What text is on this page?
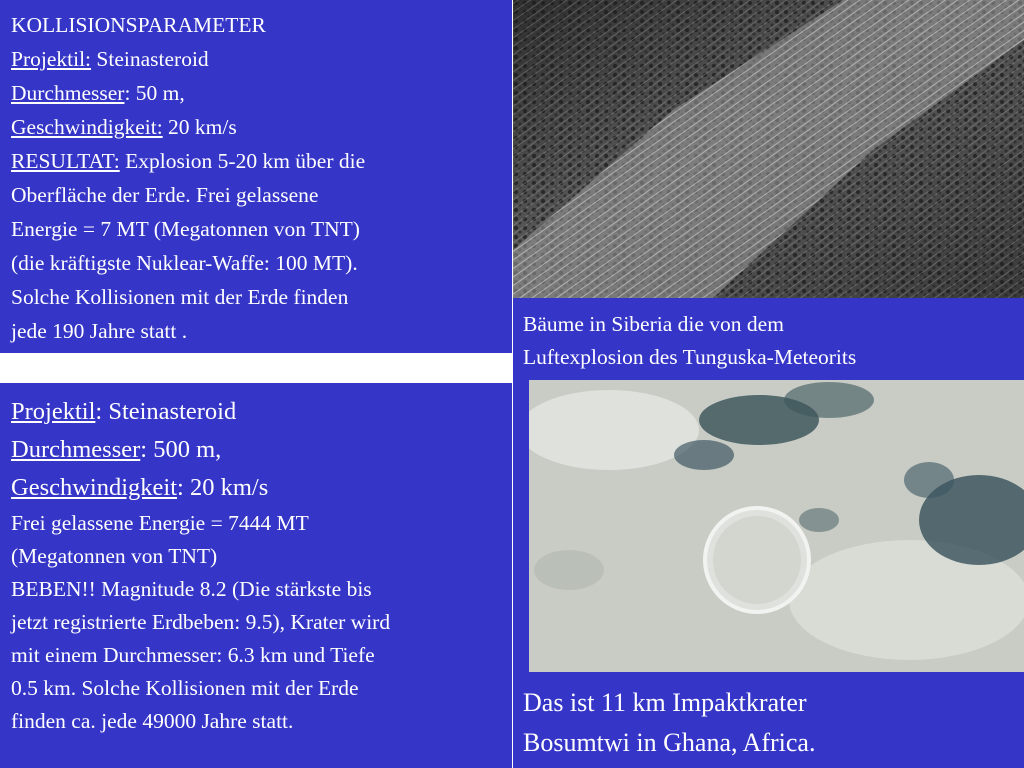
KOLLISIONSPARAMETER
Projektil: Steinasteroid
Durchmesser: 50 m,
Geschwindigkeit: 20 km/s
RESULTAT: Explosion 5-20 km über die
Oberfläche der Erde. Frei gelassene
Energie = 7 MT (Megatonnen von TNT)
(die kräftigste Nuklear-Waffe: 100 MT).
Solche Kollisionen mit der Erde finden
jede 190 Jahre statt .
Projektil: Steinasteroid
Durchmesser: 500 m,
Geschwindigkeit: 20 km/s
Frei gelassene Energie = 7444 MT
(Megatonnen von TNT)
BEBEN!! Magnitude 8.2 (Die stärkste bis
jetzt registrierte Erdbeben: 9.5), Krater wird
mit einem Durchmesser: 6.3 km und Tiefe
0.5 km. Solche Kollisionen mit der Erde
finden ca. jede 49000 Jahre statt.
Bäume in Siberia die von dem
Luftexplosion des Tunguska-Meteorits
Das ist 11 km Impaktkrater
Bosumtwi in Ghana, Africa.
